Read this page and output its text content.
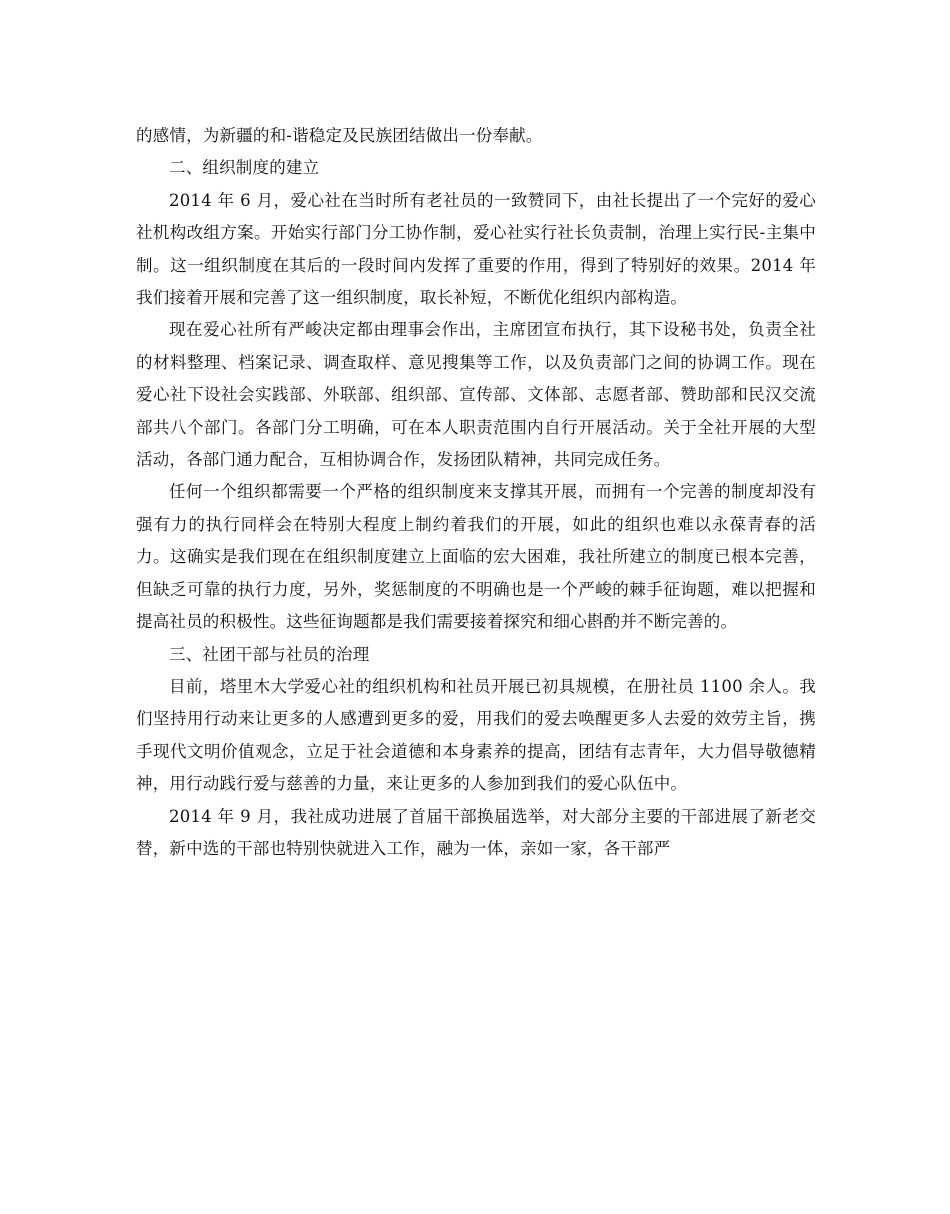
的感情，为新疆的和-谐稳定及民族团结做出一份奉献。

二、组织制度的建立

2014 年 6 月，爱心社在当时所有老社员的一致赞同下，由社长提出了一个完好的爱心社机构改组方案。开始实行部门分工协作制，爱心社实行社长负责制，治理上实行民-主集中制。这一组织制度在其后的一段时间内发挥了重要的作用，得到了特别好的效果。2014 年我们接着开展和完善了这一组织制度，取长补短，不断优化组织内部构造。

现在爱心社所有严峻决定都由理事会作出，主席团宣布执行，其下设秘书处，负责全社的材料整理、档案记录、调查取样、意见搜集等工作，以及负责部门之间的协调工作。现在爱心社下设社会实践部、外联部、组织部、宣传部、文体部、志愿者部、赞助部和民汉交流部共八个部门。各部门分工明确，可在本人职责范围内自行开展活动。关于全社开展的大型活动，各部门通力配合，互相协调合作，发扬团队精神，共同完成任务。

任何一个组织都需要一个严格的组织制度来支撑其开展，而拥有一个完善的制度却没有强有力的执行同样会在特别大程度上制约着我们的开展，如此的组织也难以永葆青春的活力。这确实是我们现在在组织制度建立上面临的宏大困难，我社所建立的制度已根本完善，但缺乏可靠的执行力度，另外，奖惩制度的不明确也是一个严峻的棘手征询题，难以把握和提高社员的积极性。这些征询题都是我们需要接着探究和细心斟酌并不断完善的。

三、社团干部与社员的治理

目前，塔里木大学爱心社的组织机构和社员开展已初具规模，在册社员 1100 余人。我们坚持用行动来让更多的人感遭到更多的爱，用我们的爱去唤醒更多人去爱的效劳主旨，携手现代文明价值观念，立足于社会道德和本身素养的提高，团结有志青年，大力倡导敬德精神，用行动践行爱与慈善的力量，来让更多的人参加到我们的爱心队伍中。

2014 年 9 月，我社成功进展了首届干部换届选举，对大部分主要的干部进展了新老交替，新中选的干部也特别快就进入工作，融为一体，亲如一家，各干部严
